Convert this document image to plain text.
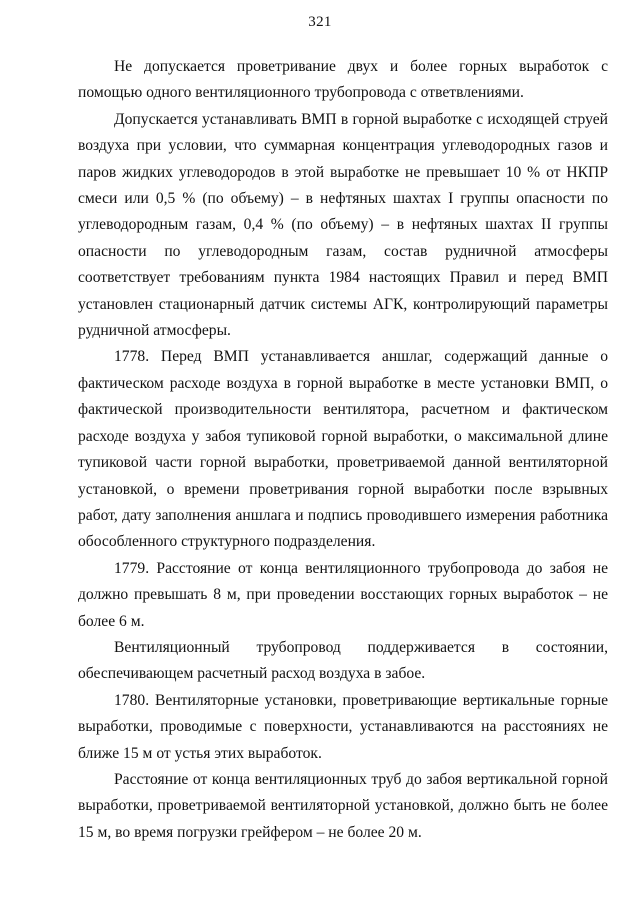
321

Не допускается проветривание двух и более горных выработок с помощью одного вентиляционного трубопровода с ответвлениями.

Допускается устанавливать ВМП в горной выработке с исходящей струей воздуха при условии, что суммарная концентрация углеводородных газов и паров жидких углеводородов в этой выработке не превышает 10 % от НКПР смеси или 0,5 % (по объему) – в нефтяных шахтах I группы опасности по углеводородным газам, 0,4 % (по объему) – в нефтяных шахтах II группы опасности по углеводородным газам, состав рудничной атмосферы соответствует требованиям пункта 1984 настоящих Правил и перед ВМП установлен стационарный датчик системы АГК, контролирующий параметры рудничной атмосферы.

1778. Перед ВМП устанавливается аншлаг, содержащий данные о фактическом расходе воздуха в горной выработке в месте установки ВМП, о фактической производительности вентилятора, расчетном и фактическом расходе воздуха у забоя тупиковой горной выработки, о максимальной длине тупиковой части горной выработки, проветриваемой данной вентиляторной установкой, о времени проветривания горной выработки после взрывных работ, дату заполнения аншлага и подпись проводившего измерения работника обособленного структурного подразделения.

1779. Расстояние от конца вентиляционного трубопровода до забоя не должно превышать 8 м, при проведении восстающих горных выработок – не более 6 м.

Вентиляционный трубопровод поддерживается в состоянии, обеспечивающем расчетный расход воздуха в забое.

1780. Вентиляторные установки, проветривающие вертикальные горные выработки, проводимые с поверхности, устанавливаются на расстояниях не ближе 15 м от устья этих выработок.

Расстояние от конца вентиляционных труб до забоя вертикальной горной выработки, проветриваемой вентиляторной установкой, должно быть не более 15 м, во время погрузки грейфером – не более 20 м.
